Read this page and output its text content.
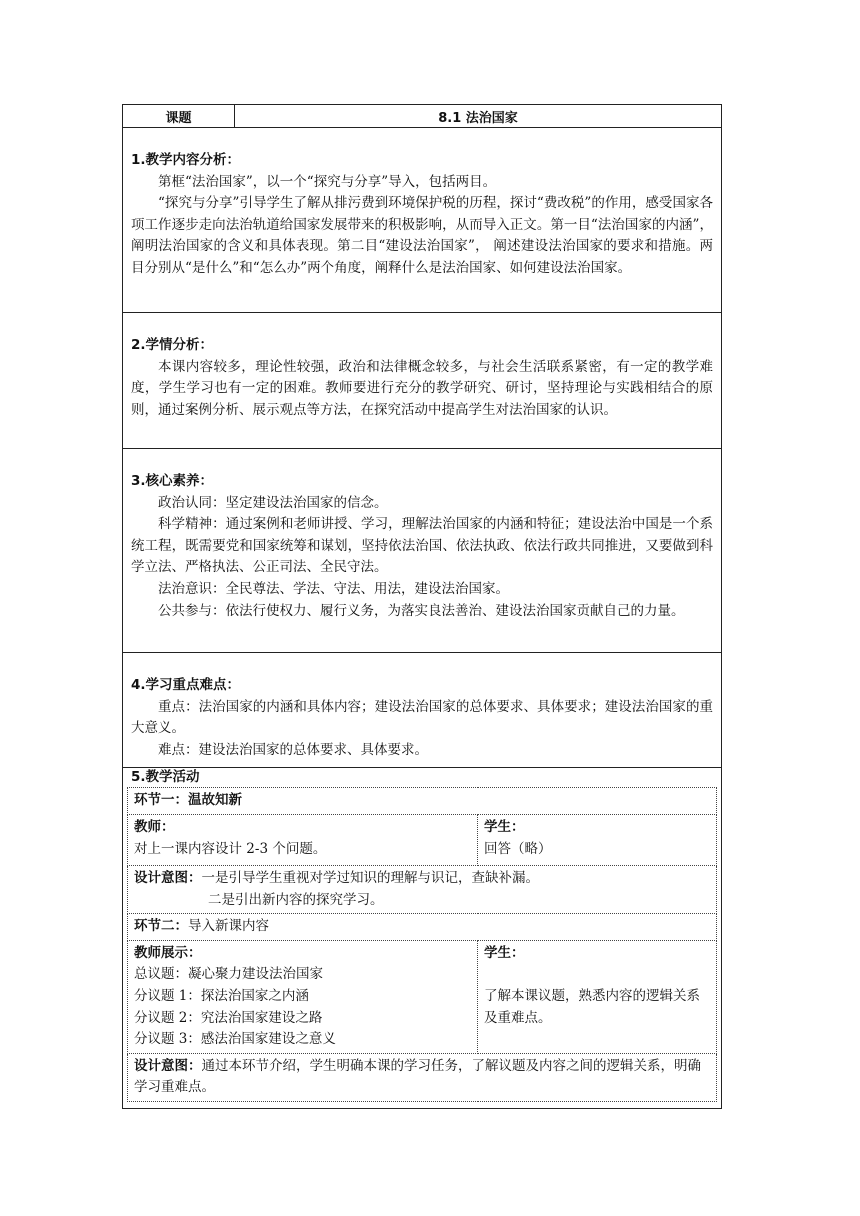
课题	8.1 法治国家

1.教学内容分析：

第框“法治国家”，以一个“探究与分享”导入，包括两目。

“探究与分享”引导学生了解从排污费到环境保护税的历程，探讨“费改税”的作用，感受国家各项工作逐步走向法治轨道给国家发展带来的积极影响，从而导入正文。第一目“法治国家的内涵”， 阐明法治国家的含义和具体表现。第二目“建设法治国家”， 阐述建设法治国家的要求和措施。两目分别从“是什么”和“怎么办”两个角度，阐释什么是法治国家、如何建设法治国家。

2.学情分析：

本课内容较多，理论性较强，政治和法律概念较多，与社会生活联系紧密，有一定的教学难度，学生学习也有一定的困难。教师要进行充分的教学研究、研讨，坚持理论与实践相结合的原则，通过案例分析、展示观点等方法，在探究活动中提高学生对法治国家的认识。

3.核心素养：

政治认同：坚定建设法治国家的信念。

科学精神：通过案例和老师讲授、学习，理解法治国家的内涵和特征；建设法治中国是一个系统工程，既需要党和国家统筹和谋划，坚持依法治国、依法执政、依法行政共同推进，又要做到科学立法、严格执法、公正司法、全民守法。

法治意识：全民尊法、学法、守法、用法，建设法治国家。

公共参与：依法行使权力、履行义务，为落实良法善治、建设法治国家贡献自己的力量。

4.学习重点难点：

重点：法治国家的内涵和具体内容；建设法治国家的总体要求、具体要求；建设法治国家的重大意义。

难点：建设法治国家的总体要求、具体要求。

5.教学活动
环节一：温故知新

教师：
对上一课内容设计 2-3 个问题。

学生：
回答（略）

设计意图：一是引导学生重视对学过知识的理解与识记，查缺补漏。
二是引出新内容的探究学习。

环节二：导入新课内容

教师展示：
总议题：凝心聚力建设法治国家
分议题 1：探法治国家之内涵
分议题 2：究法治国家建设之路
分议题 3：感法治国家建设之意义

学生：
了解本课议题，熟悉内容的逻辑关系及重难点。

设计意图：通过本环节介绍，学生明确本课的学习任务，了解议题及内容之间的逻辑关系，明确学习重难点。
